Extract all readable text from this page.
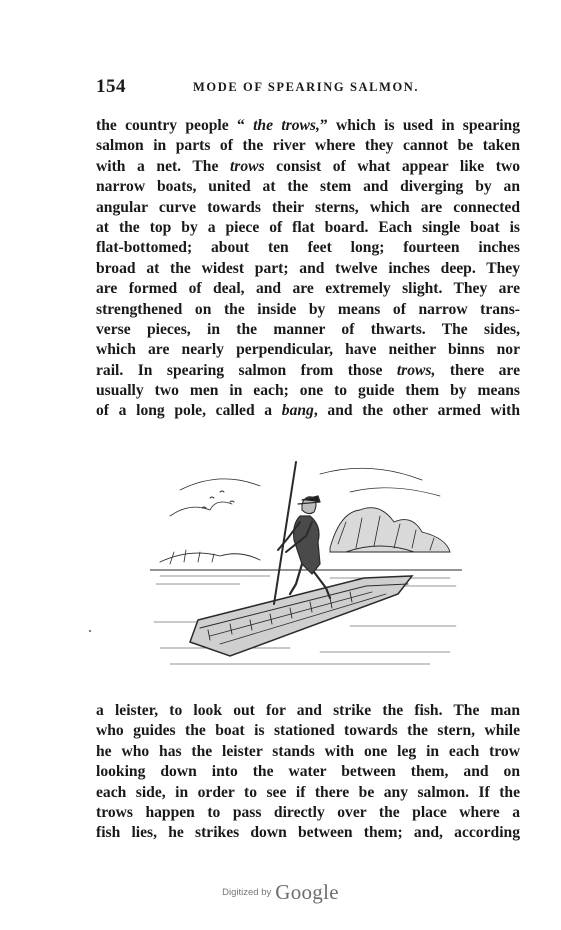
154	MODE OF SPEARING SALMON.
the country people “ the trows,” which is used in spearing
salmon in parts of the river where they cannot be taken
with a net. The trows consist of what appear like two
narrow boats, united at the stem and diverging by an
angular curve towards their sterns, which are connected
at the top by a piece of flat board. Each single boat is
flat-bottomed; about ten feet long; fourteen inches
broad at the widest part; and twelve inches deep. They
are formed of deal, and are extremely slight. They are
strengthened on the inside by means of narrow trans-
verse pieces, in the manner of thwarts. The sides,
which are nearly perpendicular, have neither binns nor
rail. In spearing salmon from those trows, there are
usually two men in each; one to guide them by means
of a long pole, called a bang, and the other armed with
a leister, to look out for and strike the fish. The man
who guides the boat is stationed towards the stern, while
he who has the leister stands with one leg in each trow
looking down into the water between them, and on
each side, in order to see if there be any salmon. If the
trows happen to pass directly over the place where a
fish lies, he strikes down between them; and, according
Digitized by Google
